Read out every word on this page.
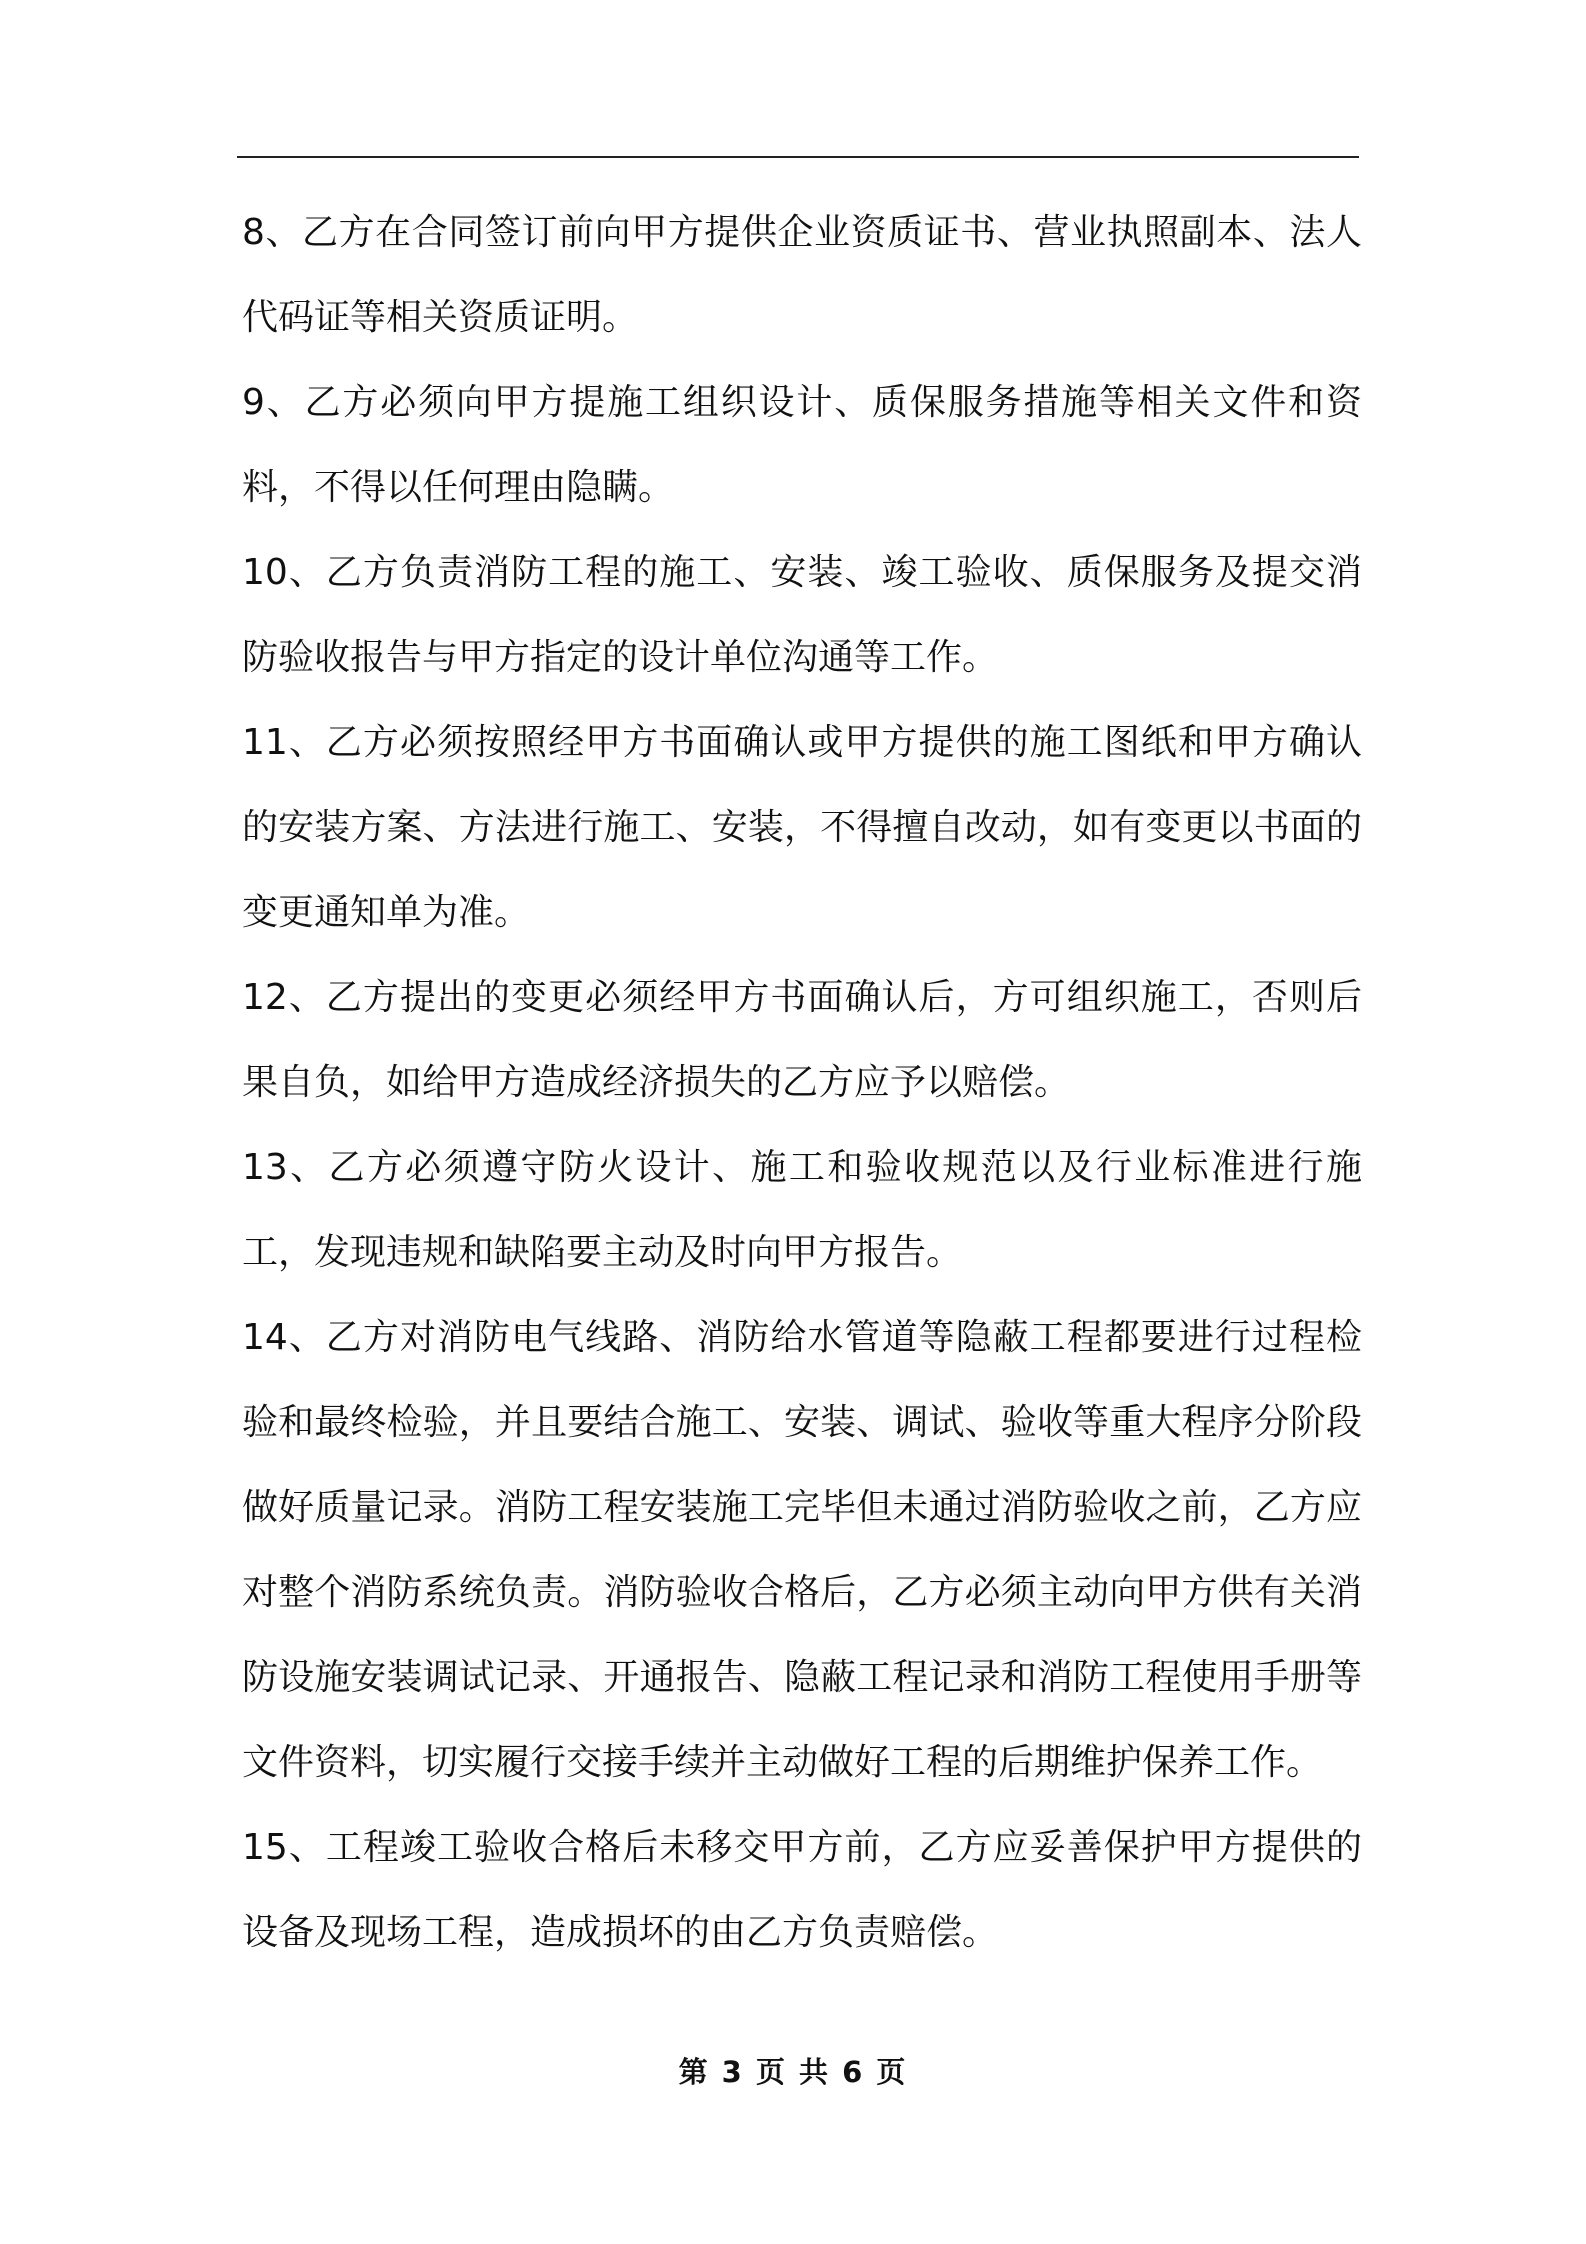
8、乙方在合同签订前向甲方提供企业资质证书、营业执照副本、法人代码证等相关资质证明。

9、乙方必须向甲方提施工组织设计、质保服务措施等相关文件和资料，不得以任何理由隐瞒。

10、乙方负责消防工程的施工、安装、竣工验收、质保服务及提交消防验收报告与甲方指定的设计单位沟通等工作。

11、乙方必须按照经甲方书面确认或甲方提供的施工图纸和甲方确认的安装方案、方法进行施工、安装，不得擅自改动，如有变更以书面的变更通知单为准。

12、乙方提出的变更必须经甲方书面确认后，方可组织施工，否则后果自负，如给甲方造成经济损失的乙方应予以赔偿。

13、乙方必须遵守防火设计、施工和验收规范以及行业标准进行施工，发现违规和缺陷要主动及时向甲方报告。

14、乙方对消防电气线路、消防给水管道等隐蔽工程都要进行过程检验和最终检验，并且要结合施工、安装、调试、验收等重大程序分阶段做好质量记录。消防工程安装施工完毕但未通过消防验收之前，乙方应对整个消防系统负责。消防验收合格后，乙方必须主动向甲方供有关消防设施安装调试记录、开通报告、隐蔽工程记录和消防工程使用手册等文件资料，切实履行交接手续并主动做好工程的后期维护保养工作。

15、工程竣工验收合格后未移交甲方前，乙方应妥善保护甲方提供的设备及现场工程，造成损坏的由乙方负责赔偿。

第 3 页 共 6 页
